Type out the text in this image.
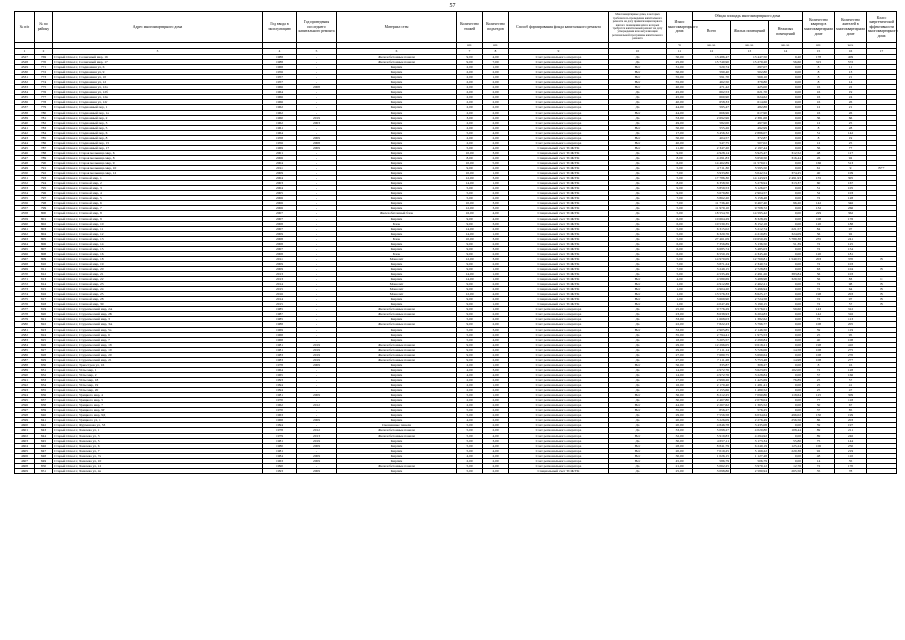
57
№ п/п	№ по району	Адрес многоквартирного дома	Год ввода в эксплуатацию	Год проведения последнего капитального ремонта	Материал стен	Количество этажей	Количество подъездов	Способ формирования фонда капитального ремонта	Многоквартирные дома, в которых требовалось проведение капитального ремонта на дату приватизации первого жилого помещения или в которых требуется капитальный ремонт на дату утверждения или актуализации региональной программы капитального ремонта	Износ многоквартирного дома	Общая площадь многоквартирного дома			Количество квартир в многоквартирном доме	Количество жителей в многоквартирном доме	Класс энергетической эффективности многоквартирного дома
											Всего	Жилых помещений	Нежилых помещений			
						шт.	шт.			%	кв. м.	кв. м.	кв. м.	шт.	чел.	
1	2	3	4	5	6	7	8	9	10	11	12	13	14	15	16	17
4527	769	Старый Оскол г, Солнечный мкр, 16	1988	-	Железобетонные панели	9,00	4,00	Счет регионального оператора	Да	50,00	13 486,47	13 447,50	9,40	178	409	
4528	770	Старый Оскол г, Солнечный мкр, 17	1988	-	Железобетонные панели	9,00	7,00	Счет регионального оператора	Да	25,00	15 740,90	15 270,20	56,60	315	572	
4529	771	Старый Оскол г, Стадионная ул, 6	1968	-	Кирпич	2,00	1,00	Счет регионального оператора	Нет	31,00	520,74	297,07	0,00	8	11	
4530	772	Старый Оскол г, Стадионная ул, 9	1956	-	Кирпич	2,00	2,00	Счет регионального оператора	Нет	50,00	590,40	502,80	0,00	8	13	
4531	773	Старый Оскол г, Стадионная ул, 10	1957	-	Кирпич	2,00	1,00	Счет регионального оператора	Нет	55,00	591,70	569,10	0,00	8	21	
4532	774	Старый Оскол г, Стадионная ул, 12	1957	-	Кирпич	2,00	2,00	Счет регионального оператора	Нет	55,00	462,50	379,80	0,00	8	14	
4533	775	Старый Оскол г, Стадионная ул, 12а	1966	2008	Кирпич	2,00	2,00	Счет регионального оператора	Нет	40,00	471,42	425,00	0,00	16	22	
4534	776	Старый Оскол г, Стадионная ул, 12б	1964	-	Кирпич	2,00	2,00	Счет регионального оператора	Да	45,00	662,53	621,70	0,00	16	19	
4535	777	Старый Оскол г, Стадионная ул, 12в	1966	-	Кирпич	2,00	2,00	Счет регионального оператора	Да	45,00	660,90	624,62	0,00	16	24	
4536	778	Старый Оскол г, Стадионная ул, 12г	1966	-	Кирпич	2,00	2,00	Счет регионального оператора	Да	40,00	658,33	614,66	0,00	16	26	
4537	779	Старый Оскол г, Стадионный пер, 1	1962	-	Кирпич	2,00	2,00	Счет регионального оператора	Да	44,00	595,47	482,88	0,00	12	21	
4538	780	Старый Оскол г, Стадионный пер, 1а	1962	-	Кирпич	2,00	2,00	Счет регионального оператора	Нет	44,00	666,96	617,90	0,00	16	26	
4539	781	Старый Оскол г, Стадионный пер, 2	1960	2019	Кирпич	3,00	2,00	Счет регионального оператора	Да	53,00	2 692,96	2 381,68	0,00	36	66	
4540	782	Старый Оскол г, Стадионный пер, 3	1962	2003	Кирпич	2,00	2,00	Счет регионального оператора	Да	49,00	582,00	497,90	0,00	12	25	
4541	783	Старый Оскол г, Стадионный пер, 5	1961	-	Кирпич	2,00	2,00	Счет регионального оператора	Нет	50,00	555,26	492,99	0,00	8	28	
4542	784	Старый Оскол г, Стадионный пер, 6	1964	-	Кирпич	5,00	4,00	Счет регионального оператора	Да	17,00	3 456,32	2 886,07	0,00	51	142	
4543	785	Старый Оскол г, Стадионный пер, 8	1958	2009	Кирпич	2,00	2,00	Счет регионального оператора	Нет	50,00	404,57	372,87	0,00	8	19	
4544	786	Старый Оскол г, Стадионный пер, 15	1956	2008	Кирпич	2,00	2,00	Счет регионального оператора	Нет	40,00	547,75	507,02	0,00	12	25	
4545	787	Старый Оскол г, Стадионный пер, 17	1969	2009	Кирпич	5,00	4,00	Специальный счет ТСЖ/УК	Нет	11,00	2 347,20	2 197,44	0,00	56	77	
4546	788	Старый Оскол г, Старая мельница мкр, 6	2001	-	Кирпич	10,00	3,00	Специальный счет ТСЖ/УК	Да	9,00	4 928,14	3 925,47	312,52	48	117	
4547	789	Старый Оскол г, Старая мельница мкр, 8	2006	-	Кирпич	8,00	2,00	Специальный счет ТСЖ/УК	Да	8,00	4 291,83	3 650,50	316,44	26	92	
4548	790	Старый Оскол г, Старая мельница мкр, 9	2004	-	Кирпич	10,00	5,00	Специальный счет ТСЖ/УК	Да	6,00	14 462,89	11 579,01	0,00	166	513	
4549	791	Старый Оскол г, Старая мельница мкр, 10	2011	-	Кирпич	9,00	2,00	Специальный счет ТСЖ/УК	Да	5,00	4 711,30	3 595,50	0,00	61	9	B++
4550	792	Старый Оскол г, Старая мельница мкр, 12	2009	-	Кирпич	10,00	1,00	Специальный счет ТСЖ/УК	Да	7,00	3 933,80	3 042,54	374,25	40	109	
4551	793	Старый Оскол г, Степной мкр, 1	2004	-	Кирпич	12,00	3,00	Специальный счет ТСЖ/УК	Да	5,00	17 786,30	14 143,93	2 491,93	155	305	
4552	794	Старый Оскол г, Степной мкр, 2	2003	-	Кирпич	14,00	1,00	Специальный счет ТСЖ/УК	Да	8,00	6 358,50	5 278,94	313,37	60	167	
4553	795	Старый Оскол г, Степной мкр, 3	2004	-	Кирпич	5,00	2,00	Специальный счет ТСЖ/УК	Да	9,00	3 859,53	3 126,07	0,00	51	105	
4554	796	Старый Оскол г, Степной мкр, 4	2005	-	Кирпич	5,00	2,00	Специальный счет ТСЖ/УК	Да	9,00	3 679,80	2 904,57	0,00	52	103	
4555	797	Старый Оскол г, Степной мкр, 5	2006	-	Кирпич	5,00	2,00	Специальный счет ТСЖ/УК	Да	7,00	3 862,20	3 158,48	0,00	72	128	
4556	798	Старый Оскол г, Степной мкр, 6	2006	-	Кирпич	10,00	3,00	Специальный счет ТСЖ/УК	Да	7,00	11 736,40	9 467,40	96,20	142	346	
4557	799	Старый Оскол г, Степной мкр, 7	2006	-	Кирпич	12,00	3,00	Специальный счет ТСЖ/УК	Да	5,00	11 970,10	9 708,72	0,00	132	266	
4558	800	Старый Оскол г, Степной мкр, 8	2007	-	Железобетонный блок	16,00	4,00	Специальный счет ТСЖ/УК	Да	5,00	18 554,70	14 595,42	0,00	229	362	
4559	801	Старый Оскол г, Степной мкр, 9	2007	-	Кирпич	9,00	4,00	Специальный счет ТСЖ/УК	Да	6,00	10 664,29	8 328,29	0,00	108	176	
4560	802	Старый Оскол г, Степной мкр, 10	2008	-	Блок	9,00	3,00	Специальный счет ТСЖ/УК	Да	6,00	10 530,35	8 152,18	0,00	120	188	
4561	803	Старый Оскол г, Степной мкр, 11	2007	-	Кирпич	14,00	2,00	Специальный счет ТСЖ/УК	Да	5,00	6 315,02	5 212,74	221,57	84	97	
4562	804	Старый Оскол г, Степной мкр, 12	2009	-	Кирпич	14,00	1,00	Специальный счет ТСЖ/УК	Да	5,00	6 320,76	4 219,85	324,09	56	92	
4563	805	Старый Оскол г, Степной мкр, 13	2008	-	Блок	10,00	3,00	Специальный счет ТСЖ/УК	Да	5,00	27 461,09	19 650,29	5 789,38	235	241	
4564	806	Старый Оскол г, Степной мкр, 14	2008	-	Кирпич	9,00	2,00	Специальный счет ТСЖ/УК	Да	6,00	7 356,89	5 136,50	51,39	72	125	
4565	807	Старый Оскол г, Степной мкр, 15	2007	-	Кирпич	9,00	3,00	Специальный счет ТСЖ/УК	Да	6,00	6 685,74	5 485,03	0,00	72	154	
4566	808	Старый Оскол г, Степной мкр, 16	2008	-	Блок	9,00	2,00	Специальный счет ТСЖ/УК	Да	6,00	6 550,19	4 345,46	0,00	120	181	
4567	809	Старый Оскол г, Степной мкр, 18	2011	-	Монолит	12,00	3,00	Специальный счет ТСЖ/УК	Да	5,00	14 970,09	12 769,81	1 540,55	203	370	B
4568	810	Старый Оскол г, Степной мкр, 19	2009	-	Кирпич	9,00	2,00	Специальный счет ТСЖ/УК	Да	7,00	3 871,24	2 340,74	0,00	72	103	
4569	811	Старый Оскол г, Степной мкр, 20	2009	-	Кирпич	9,00	1,00	Специальный счет ТСЖ/УК	Да	7,00	3 249,15	2 728,83	0,00	63	104	B
4570	812	Старый Оскол г, Степной мкр, 21	2013	-	Кирпич	14,00	1,00	Специальный счет ТСЖ/УК	Да	5,00	4 535,49	2 491,26	383,84	56	103	
4571	813	Старый Оскол г, Степной мкр, 22	2013	-	Кирпич	14,00	1,00	Специальный счет ТСЖ/УК	Нет	4,00	4 580,69	3 488,98	329,50	56	83	C
4572	814	Старый Оскол г, Степной мкр, 23	2014	-	Монолит	9,00	2,00	Специальный счет ТСЖ/УК	Нет	1,00	4 912,88	2 462,21	0,00	72	98	B
4573	815	Старый Оскол г, Степной мкр, 24	2015	-	Монолит	9,00	2,00	Специальный счет ТСЖ/УК	Нет	1,00	4 904,20	3 496,94	0,00	72	64	B
4574	816	Старый Оскол г, Степной мкр, 25	2016	-	Монолит	12,00	4,00	Специальный счет ТСЖ/УК	Нет	1,00	13 576,33	8 625,17	0,00	198	203	B
4575	817	Старый Оскол г, Степной мкр, 28	2014	-	Кирпич	9,00	2,00	Специальный счет ТСЖ/УК	Нет	1,00	3 669,90	2 724,58	0,00	72	97	B
4576	818	Старый Оскол г, Степной мкр, 30	2015	-	Кирпич	9,00	1,00	Специальный счет ТСЖ/УК	Нет	1,00	4 047,49	3 190,15	0,00	72	57	B
4577	819	Старый Оскол г, Студенческий мкр, 2А	1985	-	Железобетонные панели	9,00	1,00	Счет регионального оператора	Да	25,00	9 776,29	6 576,01	59,60	143	312	
4578	820	Старый Оскол г, Студенческий мкр, 2Б	1987	-	Железобетонные панели	9,00	2,00	Счет регионального оператора	Да	23,00	8 638,93	6 204,83	0,00	142	316	
4579	821	Старый Оскол г, Студенческий мкр, 3	1985	-	Кирпич	5,00	2,00	Счет регионального оператора	Да	33,00	1 668,03	1 382,62	0,00	73	113	
4580	822	Старый Оскол г, Студенческий мкр, 3А	1988	-	Железобетонные панели	9,00	2,00	Счет регионального оператора	Да	22,00	7 822,23	5 796,77	0,00	108	205	
4581	823	Старый Оскол г, Студенческий мкр, 5а	1969	-	Кирпич	5,00	3,00	Счет регионального оператора	Нет	33,00	2 905,85	2 146,50	0,00	59	119	
4582	824	Старый Оскол г, Студенческий мкр, 6	1968	-	Кирпич	5,00	2,00	Счет регионального оператора	Да	35,00	2 794,41	1 975,53	0,00	25	95	
4583	825	Старый Оскол г, Студенческий мкр, 7	1968	-	Кирпич	5,00	4,00	Счет регионального оператора	Да	18,00	3 205,57	2 299,84	0,00	40	108	
4584	826	Старый Оскол г, Студенческий мкр, 18	1981	2019	Железобетонные панели	9,00	4,00	Счет регионального оператора	Да	29,00	12 296,05	9 618,21	0,00	198	410	
4585	827	Старый Оскол г, Студенческий мкр, 19	1981	2019	Железобетонные панели	9,00	2,00	Счет регионального оператора	Да	29,00	7 111,14	5 726,06	14,58	108	275	
4586	828	Старый Оскол г, Студенческий мкр, 20	1983	2019	Железобетонные панели	9,00	2,00	Счет регионального оператора	Да	27,00	7 680,75	5 699,64	0,00	108	270	
4587	829	Старый Оскол г, Студенческий мкр, 21	1983	2019	Железобетонные панели	9,00	2,00	Счет регионального оператора	Да	27,00	7 111,28	5 753,48	14,98	108	277	
4588	830	Старый Оскол г, Триостров ул, 16	1978	2009	Кирпич	2,00	1,00	Счет регионального оператора	Нет	56,00	335,87	308,27	0,00	8	16	
4589	831	Старый Оскол г, Углы мкр, 1	1964	-	Кирпич	4,00	3,00	Счет регионального оператора	Да	14,00	4 972,76	3 623,65	102,00	72	128	
4590	832	Старый Оскол г, Углы мкр, 2	1965	-	Кирпич	4,00	4,00	Счет регионального оператора	Да	14,00	4 972,76	3 228,84	0,00	57	166	
4591	833	Старый Оскол г, Углы мкр, 18	1993	-	Кирпич	2,00	2,00	Счет регионального оператора	Да	17,00	2 999,26	1 425,69	76,89	25	57	
4592	834	Старый Оскол г, Углы мкр, 19	1994	-	Кирпич	2,00	1,00	Счет регионального оператора	Да	16,00	2 170,40	1 481,41	0,00	25	41	
4593	835	Старый Оскол г, Углы мкр, 20	1994	-	Кирпич	2,00	2,00	Счет регионального оператора	Да	15,00	2 155,66	1 480,52	0,00	25	47	
4594	836	Старый Оскол г, Урицкого мкр, 4	1981	2009	Кирпич	5,00	1,00	Счет регионального оператора	Нет	36,00	8 212,25	7 090,86	118,64	125	309	
4595	837	Старый Оскол г, Урицкого мкр, 5	1970	-	Кирпич	2,00	2,00	Счет регионального оператора	Да	30,00	2 467,80	2 078,04	0,00	77	118	
4596	838	Старый Оскол г, Урицкого мкр, 7	1962	2012	Кирпич	2,00	2,00	Счет регионального оператора	Нет	44,00	2 267,62	1 365,52	0,00	50	67	
4597	839	Старый Оскол г, Урицкого мкр, 9Г	1970	-	Кирпич	5,00	2,00	Счет регионального оператора	Нет	35,00	856,27	576,25	0,00	37	85	
4598	840	Старый Оскол г, Урицкого мкр, 9Д	1963	-	Кирпич	5,00	2,00	Счет регионального оператора	Да	29,00	7 556,58	6 034,64	496,02	150	199	
4599	841	Старый Оскол г, Урицкого ул, 1	1968	2009	Кирпич	4,00	2,00	Счет регионального оператора	Да	20,00	3 226,09	2 276,49	256,56	86	203	
4600	842	Старый Оскол г, Фурманова ул, 53	1994	-	Смешанные панели	5,00	2,00	Счет регионального оператора	Да	20,00	4 846,78	3 435,08	0,00	59	197	
4601	843	Старый Оскол г, Хмелева ул, 1	1978	2012	Железобетонные панели	5,00	2,00	Счет регионального оператора	Да	33,00	5 098,27	4 020,80	108,44	89	211	
4602	844	Старый Оскол г, Хмелева ул, 3	1979	2013	Железобетонные панели	5,00	4,00	Счет регионального оператора	Нет	32,00	5 919,83	4 294,92	0,00	89	246	
4603	845	Старый Оскол г, Хмелева ул, 5	1981	2019	Кирпич	5,00	3,00	Счет регионального оператора	Да	30,00	4 657,11	3 173,34	55,80	75	144	
4604	846	Старый Оскол г, Хмелева ул, 6	1980	2009	Кирпич	5,00	4,00	Счет регионального оператора	Нет	28,00	8 841,79	6 240,19	125,24	106	250	
4605	847	Старый Оскол г, Хмелева ул, 7	1981	-	Кирпич	5,00	4,00	Счет регионального оператора	Нет	20,00	7 019,25	5 169,22	220,38	92	219	
4606	848	Старый Оскол г, Хмелева ул, 7а	1984	2009	Кирпич	4,00	2,00	Счет регионального оператора	Нет	30,00	1 026,15	1 127,48	0,00	48	110	
4607	849	Старый Оскол г, Хмелева ул, 10	1963	2009	Кирпич	2,00	2,00	Счет регионального оператора	Нет	45,00	586,79	506,79	0,00	14	35	
4608	850	Старый Оскол г, Хмелева ул, 12	1990	-	Железобетонные панели	5,00	2,00	Счет регионального оператора	Да	21,00	5 062,25	3 970,12	12,76	72	170	
4609	851	Старый Оскол г, Хмелева ул, 4а	1993	2009	Кирпич	5,00	2,00	Специальный счет ТСЖ/УК	Да	25,00	3 098,86	2 580,94	265,50	35	78	
